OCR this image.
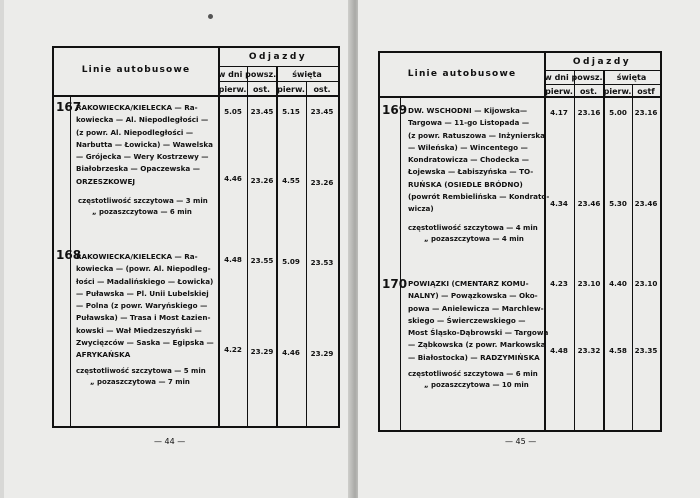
Linie autobusowe
Odjazdy
w dni powsz.	święta
pierw. ost. pierw.	ost.
167

RAKOWIECKA/KIELECKA — Ra-

kowiecka — Al. Niepodległości —

(z powr. Al. Niepodległości —

Narbutta — Łowicka) — Wawelska

— Grójecka — Wery Kostrzewy —

Białobrzeska — Opaczewska —

ORZESZKOWEJ

5.05	23.45	5.15	23.45
4.46	23.26	4.55	23.26
częstotliwość szczytowa — 3 min
„ pozaszczytowa — 6 min
168

RAKOWIECKA/KIELECKA — Ra-

kowiecka — (powr. Al. Niepodleg-

łości — Madalińskiego — Łowicka)

— Puławska — Pl. Unii Lubelskiej

— Polna (z powr. Waryńskiego —

Puławska) — Trasa i Most Łazien-

kowski — Wał Miedzeszyński —

Zwycięzców — Saska — Egipska —

AFRYKAŃSKA

4.48	23.55	5.09	23.53
4.22	23.29	4.46	23.29
częstotliwość szczytowa — 5 min
„ pozaszczytowa — 7 min
— 44 —
Linie autobusowe
Odjazdy
w dni powsz.	święta
pierw. ost. pierw. ostf
169 DW. WSCHODNI — Kijowska—

Targowa — 11-go Listopada —

(z powr. Ratuszowa — Inżynierska

— Wileńska) — Wincentego —

Kondratowicza — Chodecka —

Łojewska — Łabiszyńska — TO-

RUŃSKA (OSIEDLE BRÓDNO)

(powrót Rembielińska — Kondrato-

wicza)

4.17	23.16	5.00	23.16
4.34	23.46	5.30	23.46
częstotliwość szczytowa — 4 min
„ pozaszczytowa — 4 min
170 POWIĄZKI (CMENTARZ KOMU-

NALNY) — Powązkowska — Oko-

powa — Anielewicza — Marchlew-

skiego — Świerczewskiego —

Most Śląsko-Dąbrowski — Targowa

— Ząbkowska (z powr. Markowska

— Białostocka) — RADZYMIŃSKA

4.23	23.10	4.40	23.10
4.48	23.32	4.58	23.35
częstotliwość szczytowa — 6 min
„ pozaszczytowa — 10 min
— 45 —
